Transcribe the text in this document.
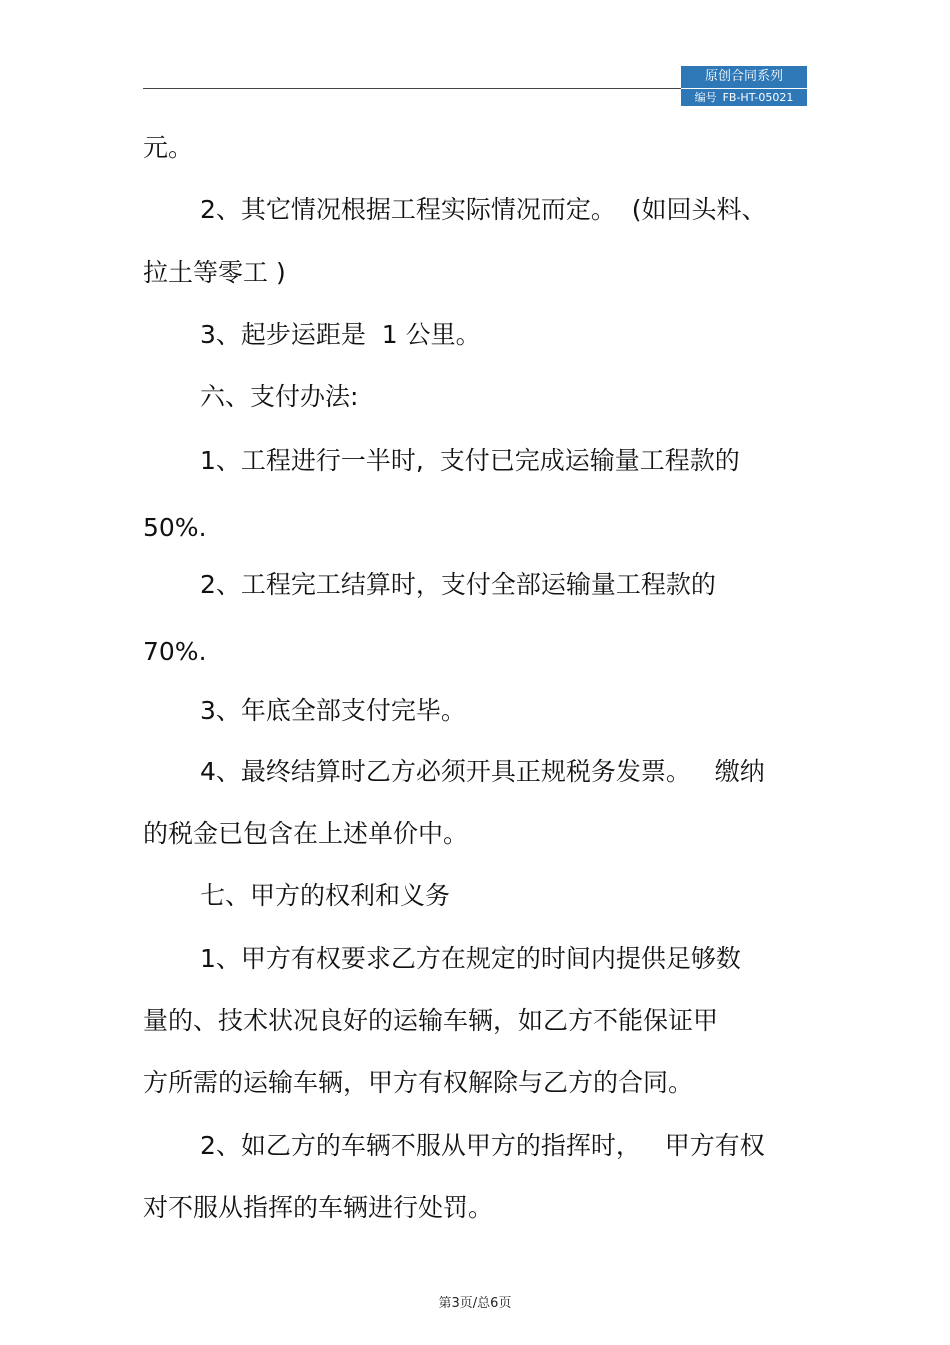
原创合同系列
编号 FB-HT-05021
元。
2、其它情况根据工程实际情况而定。  (如回头料、
拉土等零工 )
3、起步运距是  1 公里。
六、支付办法:
1、工程进行一半时,  支付已完成运输量工程款的
50%.
2、工程完工结算时，支付全部运输量工程款的
70%.
3、年底全部支付完毕。
4、最终结算时乙方必须开具正规税务发票。   缴纳
的税金已包含在上述单价中。
七、甲方的权利和义务
1、甲方有权要求乙方在规定的时间内提供足够数
量的、技术状况良好的运输车辆，如乙方不能保证甲
方所需的运输车辆，甲方有权解除与乙方的合同。
2、如乙方的车辆不服从甲方的指挥时，   甲方有权
对不服从指挥的车辆进行处罚。
第3页/总6页
